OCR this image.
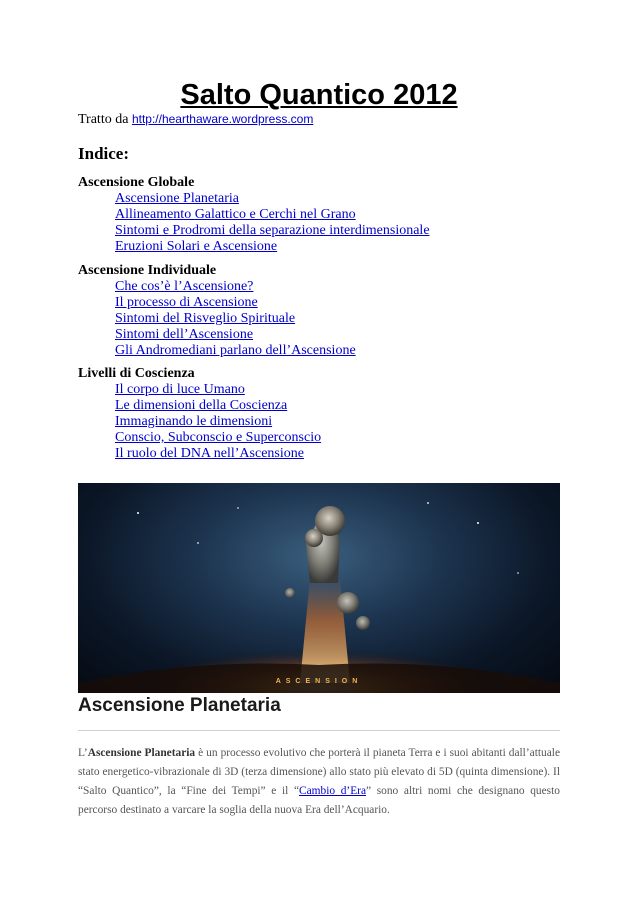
Salto Quantico 2012
Tratto da http://hearthaware.wordpress.com
Indice:

Ascensione Globale

Ascensione Planetaria
Allineamento Galattico e Cerchi nel Grano
Sintomi e Prodromi della separazione interdimensionale
Eruzioni Solari e Ascensione

Ascensione Individuale

Che cos’è l’Ascensione?
Il processo di Ascensione
Sintomi del Risveglio Spirituale
Sintomi dell’Ascensione
Gli Andromediani parlano dell’Ascensione

Livelli di Coscienza

Il corpo di luce Umano
Le dimensioni della Coscienza
Immaginando le dimensioni
Conscio, Subconscio e Superconscio
Il ruolo del DNA nell’Ascensione
ASCENSION
Ascensione Planetaria

L’Ascensione Planetaria è un processo evolutivo che porterà il pianeta Terra e i suoi abitanti dall’attuale stato energetico-vibrazionale di 3D (terza dimensione) allo stato più elevato di 5D (quinta dimensione). Il “Salto Quantico”, la “Fine dei Tempi” e il “Cambio d’Era” sono altri nomi che designano questo percorso destinato a varcare la soglia della nuova Era dell’Acquario.
